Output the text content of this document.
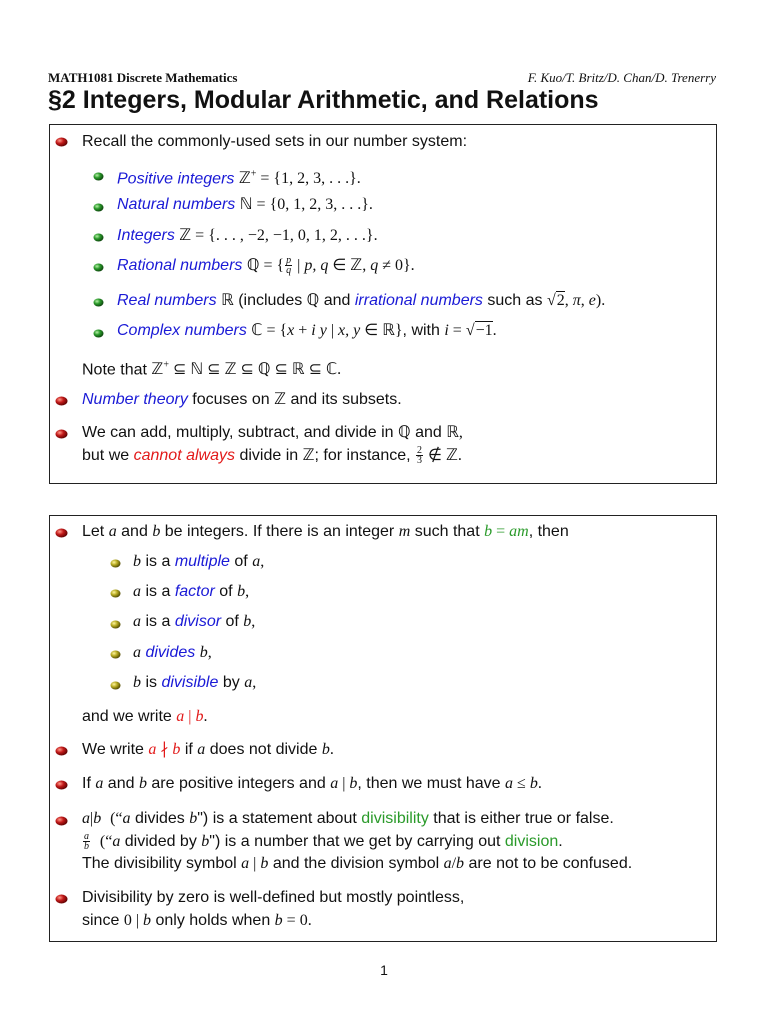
MATH1081 Discrete Mathematics	F. Kuo/T. Britz/D. Chan/D. Trenerry
§2 Integers, Modular Arithmetic, and Relations
Recall the commonly-used sets in our number system:
Positive integers ℤ+ = {1, 2, 3, . . .}.
Natural numbers ℕ = {0, 1, 2, 3, . . .}.
Integers ℤ = {. . . , −2, −1, 0, 1, 2, . . .}.
Rational numbers ℚ = { $\frac{p}{q}$ | p, q ∈ ℤ, q ≠ 0}.
Real numbers ℝ (includes ℚ and irrational numbers such as √2, π, e).
Complex numbers ℂ = {x + i y | x, y ∈ ℝ}, with i = √−1.
Note that ℤ+ ⊆ ℕ ⊆ ℤ ⊆ ℚ ⊆ ℝ ⊆ ℂ.
Number theory focuses on ℤ and its subsets.
We can add, multiply, subtract, and divide in ℚ and ℝ,
but we cannot always divide in ℤ; for instance, $\frac{2}{3}$ ∉ ℤ.
Let a and b be integers. If there is an integer m such that b = am, then
b is a multiple of a,
a is a factor of b,
a is a divisor of b,
a divides b,
b is divisible by a,
and we write a | b.
We write a ∤ b if a does not divide b.
If a and b are positive integers and a | b, then we must have a ≤ b.
a|b (“a divides b") is a statement about divisibility that is either true or false.
$\frac{a}{b}$ (“a divided by b") is a number that we get by carrying out division.
The divisibility symbol a | b and the division symbol a/b are not to be confused.
Divisibility by zero is well-defined but mostly pointless,
since 0 | b only holds when b = 0.
1
